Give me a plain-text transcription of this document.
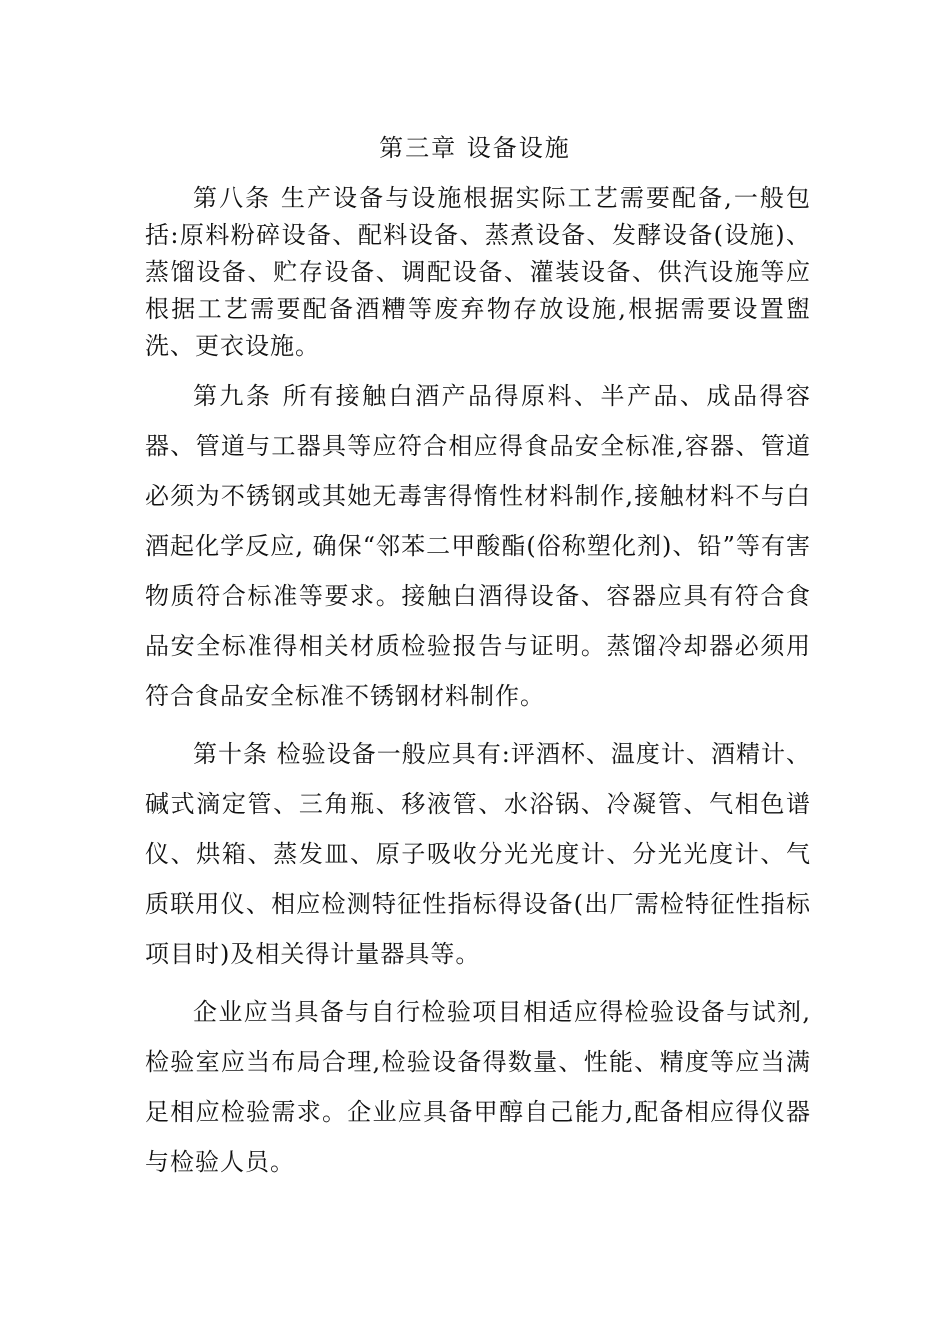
第三章 设备设施

第八条 生产设备与设施根据实际工艺需要配备,一般包括:原料粉碎设备、配料设备、蒸煮设备、发酵设备(设施)、蒸馏设备、贮存设备、调配设备、灌装设备、供汽设施等应根据工艺需要配备酒糟等废弃物存放设施,根据需要设置盥洗、更衣设施。

第九条 所有接触白酒产品得原料、半产品、成品得容器、管道与工器具等应符合相应得食品安全标准,容器、管道必须为不锈钢或其她无毒害得惰性材料制作,接触材料不与白酒起化学反应, 确保“邻苯二甲酸酯(俗称塑化剂)、铅”等有害物质符合标准等要求。接触白酒得设备、容器应具有符合食品安全标准得相关材质检验报告与证明。蒸馏冷却器必须用符合食品安全标准不锈钢材料制作。

第十条 检验设备一般应具有:评酒杯、温度计、酒精计、碱式滴定管、三角瓶、移液管、水浴锅、冷凝管、气相色谱仪、烘箱、蒸发皿、原子吸收分光光度计、分光光度计、气质联用仪、相应检测特征性指标得设备(出厂需检特征性指标项目时)及相关得计量器具等。

企业应当具备与自行检验项目相适应得检验设备与试剂,检验室应当布局合理,检验设备得数量、性能、精度等应当满足相应检验需求。企业应具备甲醇自己能力,配备相应得仪器与检验人员。
